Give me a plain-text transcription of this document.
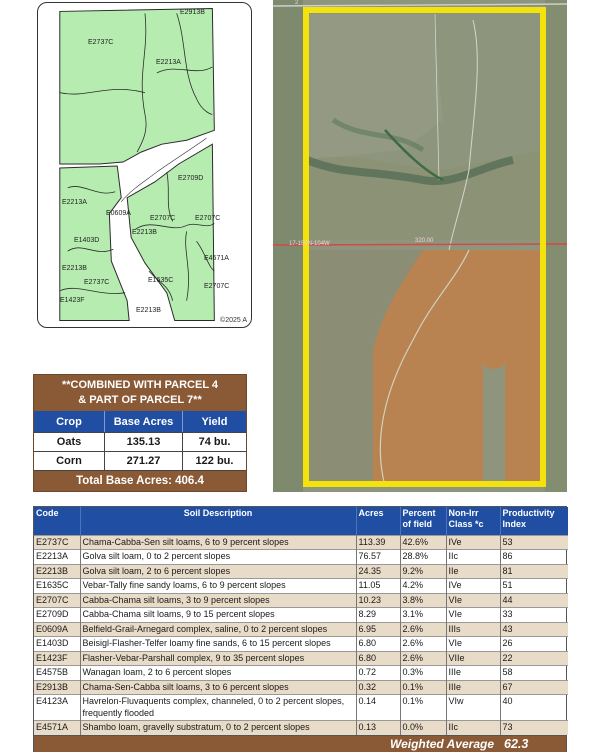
E2913B
E2737C
E2213A
E2709D
E0609A
E2213A
E2707C	E2707C
E1403D
E2213B
E4571A
E2213B
E2737C	E1635C
E1423F
E2707C
E2213B
©2025 A
2
17-150N-104W	320.00
**COMBINED WITH PARCEL 4
& PART OF PARCEL 7**
Crop	Base Acres	Yield
Oats	135.13	74 bu.
Corn	271.27	122 bu.
Total Base Acres: 406.4
Code	Soil Description	Acres	Percent of field	Non-Irr Class *c	Productivity Index
E2737C	Chama-Cabba-Sen silt loams, 6 to 9 percent slopes	113.39	42.6%	IVe	53
E2213A	Golva silt loam, 0 to 2 percent slopes	76.57	28.8%	IIc	86
E2213B	Golva silt loam, 2 to 6 percent slopes	24.35	9.2%	IIe	81
E1635C	Vebar-Tally fine sandy loams, 6 to 9 percent slopes	11.05	4.2%	IVe	51
E2707C	Cabba-Chama silt loams, 3 to 9 percent slopes	10.23	3.8%	VIe	44
E2709D	Cabba-Chama silt loams, 9 to 15 percent slopes	8.29	3.1%	VIe	33
E0609A	Belfield-Grail-Arnegard complex, saline, 0 to 2 percent slopes	6.95	2.6%	IIIs	43
E1403D	Beisigl-Flasher-Telfer loamy fine sands, 6 to 15 percent slopes	6.80	2.6%	VIe	26
E1423F	Flasher-Vebar-Parshall complex, 9 to 35 percent slopes	6.80	2.6%	VIIe	22
E4575B	Wanagan loam, 2 to 6 percent slopes	0.72	0.3%	IIIe	58
E2913B	Chama-Sen-Cabba silt loams, 3 to 6 percent slopes	0.32	0.1%	IIIe	67
E4123A	Havrelon-Fluvaquents complex, channeled, 0 to 2 percent slopes, frequently flooded	0.14	0.1%	VIw	40
E4571A	Shambo loam, gravelly substratum, 0 to 2 percent slopes	0.13	0.0%	IIc	73
Weighted Average 62.3
